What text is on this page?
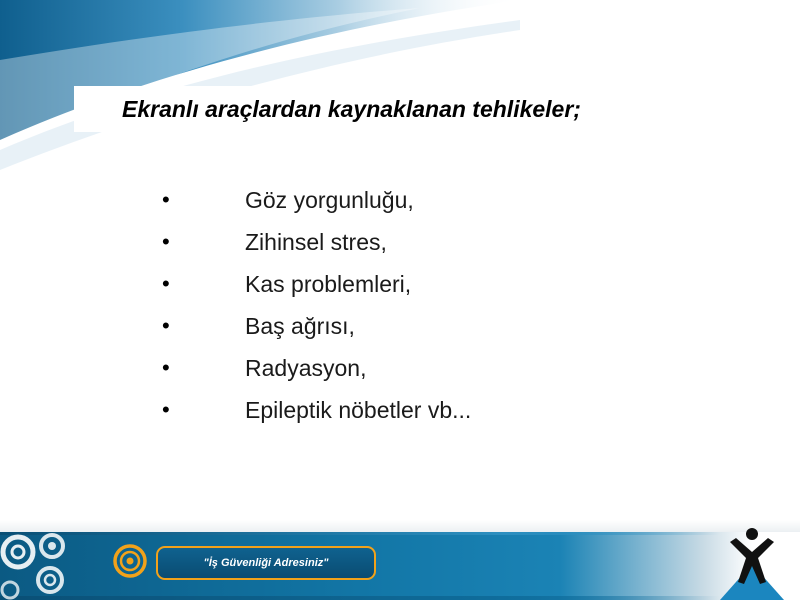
Ekranlı araçlardan kaynaklanan tehlikeler;
•	Göz yorgunluğu,
•	Zihinsel stres,
•	Kas problemleri,
•	Baş ağrısı,
•	Radyasyon,
•	Epileptik nöbetler vb...
"İş Güvenliği Adresiniz"
